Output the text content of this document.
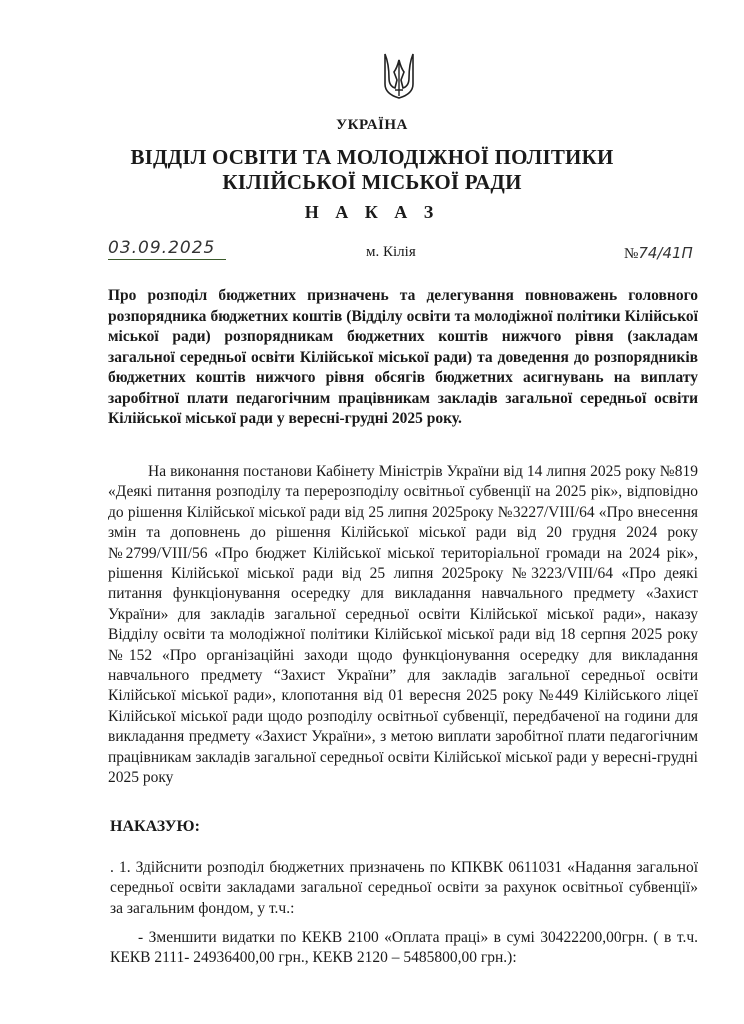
УКРАЇНА
ВІДДІЛ ОСВІТИ ТА МОЛОДІЖНОЇ ПОЛІТИКИ
КІЛІЙСЬКОЇ МІСЬКОЇ РАДИ
Н А К А З
03.09.2025	м. Кілія	№74/41П
Про розподіл бюджетних призначень та делегування повноважень головного розпорядника бюджетних коштів (Відділу освіти та молодіжної політики Кілійської міської ради) розпорядникам бюджетних коштів нижчого рівня (закладам загальної середньої освіти Кілійської міської ради) та доведення до розпорядників бюджетних коштів нижчого рівня обсягів бюджетних асигнувань на виплату заробітної плати педагогічним працівникам закладів загальної середньої освіти Кілійської міської ради у вересні-грудні 2025 року.
На виконання постанови Кабінету Міністрів України від 14 липня 2025 року №819 «Деякі питання розподілу та перерозподілу освітньої субвенції на 2025 рік», відповідно до рішення Кілійської міської ради від 25 липня 2025року №3227/VIII/64 «Про внесення змін та доповнень до рішення Кілійської міської ради від 20 грудня 2024 року №2799/VIII/56 «Про бюджет Кілійської міської територіальної громади на 2024 рік», рішення Кілійської міської ради від 25 липня 2025року №3223/VIII/64 «Про деякі питання функціонування осередку для викладання навчального предмету «Захист України» для закладів загальної середньої освіти Кілійської міської ради», наказу Відділу освіти та молодіжної політики Кілійської міської ради від 18 серпня 2025 року №152 «Про організаційні заходи щодо функціонування осередку для викладання навчального предмету “Захист України” для закладів загальної середньої освіти Кілійської міської ради», клопотання від 01 вересня 2025 року №449 Кілійського ліцеї Кілійської міської ради щодо розподілу освітньої субвенції, передбаченої на години для викладання предмету «Захист України», з метою виплати заробітної плати педагогічним працівникам закладів загальної середньої освіти Кілійської міської ради у вересні-грудні 2025 року
НАКАЗУЮ:
. 1. Здійснити розподіл бюджетних призначень по КПКВК 0611031 «Надання загальної середньої освіти закладами загальної середньої освіти за рахунок освітньої субвенції» за загальним фондом, у т.ч.:
- Зменшити видатки по КЕКВ 2100 «Оплата праці» в сумі 30422200,00грн. ( в т.ч. КЕКВ 2111- 24936400,00 грн., КЕКВ 2120 – 5485800,00 грн.):
